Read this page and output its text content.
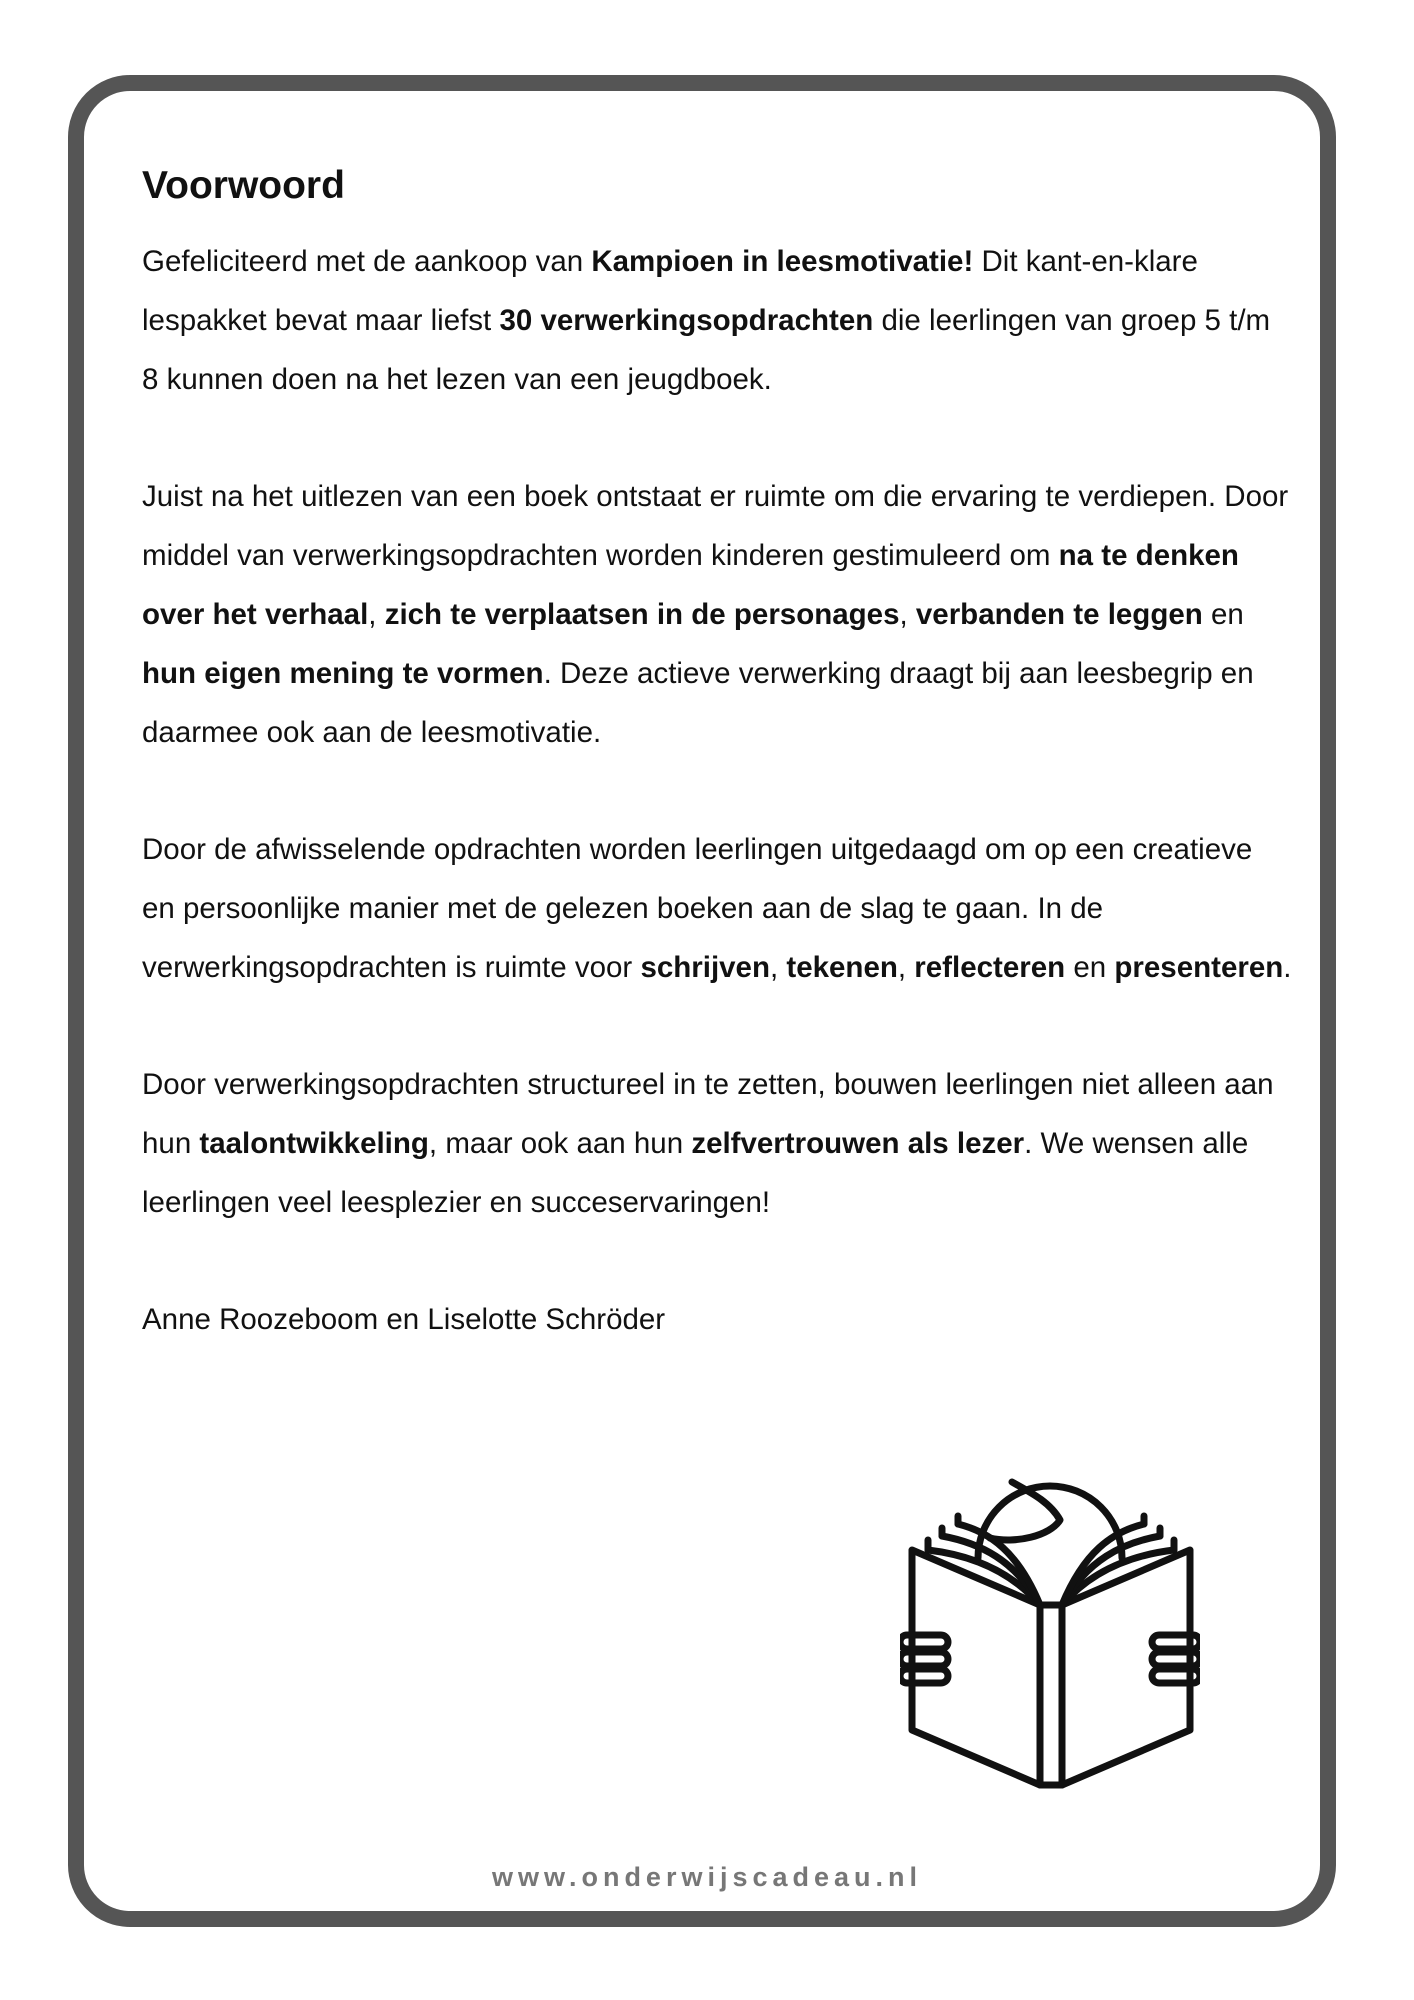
Voorwoord

Gefeliciteerd met de aankoop van Kampioen in leesmotivatie! Dit kant-en-klare lespakket bevat maar liefst 30 verwerkingsopdrachten die leerlingen van groep 5 t/m 8 kunnen doen na het lezen van een jeugdboek.

Juist na het uitlezen van een boek ontstaat er ruimte om die ervaring te verdiepen. Door middel van verwerkingsopdrachten worden kinderen gestimuleerd om na te denken over het verhaal, zich te verplaatsen in de personages, verbanden te leggen en hun eigen mening te vormen. Deze actieve verwerking draagt bij aan leesbegrip en daarmee ook aan de leesmotivatie.

Door de afwisselende opdrachten worden leerlingen uitgedaagd om op een creatieve en persoonlijke manier met de gelezen boeken aan de slag te gaan. In de verwerkingsopdrachten is ruimte voor schrijven, tekenen, reflecteren en presenteren.

Door verwerkingsopdrachten structureel in te zetten, bouwen leerlingen niet alleen aan hun taalontwikkeling, maar ook aan hun zelfvertrouwen als lezer. We wensen alle leerlingen veel leesplezier en succeservaringen!

Anne Roozeboom en Liselotte Schröder

www.onderwijscadeau.nl
